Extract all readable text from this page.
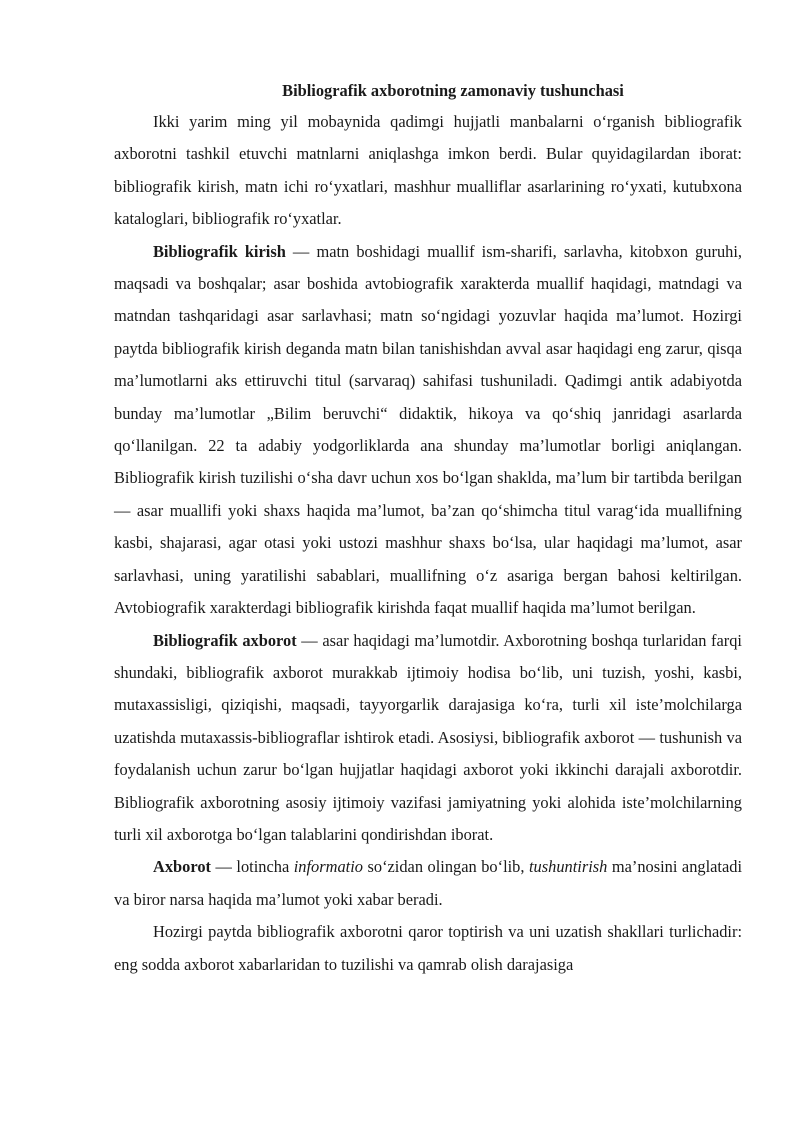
Bibliografik axborotning zamonaviy tushunchasi

Ikki yarim ming yil mobaynida qadimgi hujjatli manbalarni o‘rganish bibliografik axborotni tashkil etuvchi matnlarni aniqlashga imkon berdi. Bular quyidagilardan iborat: bibliografik kirish, matn ichi ro‘yxatlari, mashhur mualliflar asarlarining ro‘yxati, kutubxona kataloglari, bibliografik ro‘yxatlar.

Bibliografik kirish — matn boshidagi muallif ism-sharifi, sarlavha, kitobxon guruhi, maqsadi va boshqalar; asar boshida avtobiografik xarakterda muallif haqidagi, matndagi va matndan tashqaridagi asar sarlavhasi; matn so‘ngidagi yozuvlar haqida ma’lumot. Hozirgi paytda bibliografik kirish deganda matn bilan tanishishdan avval asar haqidagi eng zarur, qisqa ma’lumotlarni aks ettiruvchi titul (sarvaraq) sahifasi tushuniladi. Qadimgi antik adabiyotda bunday ma’lumotlar „Bilim beruvchi“ didaktik, hikoya va qo‘shiq janridagi asarlarda qo‘llanilgan. 22 ta adabiy yodgorliklarda ana shunday ma’lumotlar borligi aniqlangan. Bibliografik kirish tuzilishi o‘sha davr uchun xos bo‘lgan shaklda, ma’lum bir tartibda berilgan — asar muallifi yoki shaxs haqida ma’lumot, ba’zan qo‘shimcha titul varag‘ida muallifning kasbi, shajarasi, agar otasi yoki ustozi mashhur shaxs bo‘lsa, ular haqidagi ma’lumot, asar sarlavhasi, uning yaratilishi sabablari, muallifning o‘z asariga bergan bahosi keltirilgan. Avtobiografik xarakterdagi bibliografik kirishda faqat muallif haqida ma’lumot berilgan.

Bibliografik axborot — asar haqidagi ma’lumotdir. Axborotning boshqa turlaridan farqi shundaki, bibliografik axborot murakkab ijtimoiy hodisa bo‘lib, uni tuzish, yoshi, kasbi, mutaxassisligi, qiziqishi, maqsadi, tayyorgarlik darajasiga ko‘ra, turli xil iste’molchilarga uzatishda mutaxassis-bibliograflar ishtirok etadi. Asosiysi, bibliografik axborot — tushunish va foydalanish uchun zarur bo‘lgan hujjatlar haqidagi axborot yoki ikkinchi darajali axborotdir. Bibliografik axborotning asosiy ijtimoiy vazifasi jamiyatning yoki alohida iste’molchilarning turli xil axborotga bo‘lgan talablarini qondirishdan iborat.

Axborot — lotincha informatio so‘zidan olingan bo‘lib, tushuntirish ma’nosini anglatadi va biror narsa haqida ma’lumot yoki xabar beradi.

Hozirgi paytda bibliografik axborotni qaror toptirish va uni uzatish shakllari turlichadir: eng sodda axborot xabarlaridan to tuzilishi va qamrab olish darajasiga
